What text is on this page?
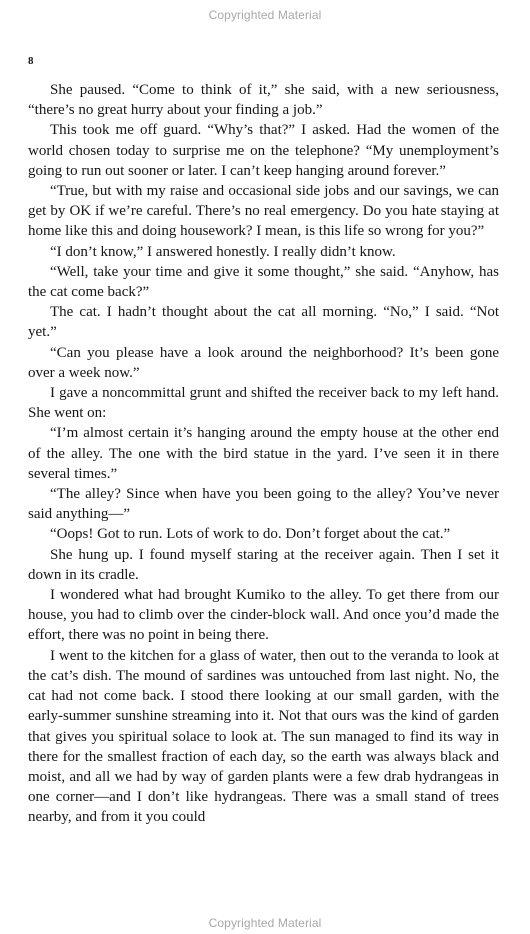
Copyrighted Material
8

She paused. “Come to think of it,” she said, with a new seriousness, “there’s no great hurry about your finding a job.”

This took me off guard. “Why’s that?” I asked. Had the women of the world chosen today to surprise me on the telephone? “My unemployment’s going to run out sooner or later. I can’t keep hanging around forever.”

“True, but with my raise and occasional side jobs and our savings, we can get by OK if we’re careful. There’s no real emergency. Do you hate staying at home like this and doing housework? I mean, is this life so wrong for you?”

“I don’t know,” I answered honestly. I really didn’t know.

“Well, take your time and give it some thought,” she said. “Anyhow, has the cat come back?”

The cat. I hadn’t thought about the cat all morning. “No,” I said. “Not yet.”

“Can you please have a look around the neighborhood? It’s been gone over a week now.”

I gave a noncommittal grunt and shifted the receiver back to my left hand. She went on:

“I’m almost certain it’s hanging around the empty house at the other end of the alley. The one with the bird statue in the yard. I’ve seen it in there several times.”

“The alley? Since when have you been going to the alley? You’ve never said anything—”

“Oops! Got to run. Lots of work to do. Don’t forget about the cat.”

She hung up. I found myself staring at the receiver again. Then I set it down in its cradle.

I wondered what had brought Kumiko to the alley. To get there from our house, you had to climb over the cinder-block wall. And once you’d made the effort, there was no point in being there.

I went to the kitchen for a glass of water, then out to the veranda to look at the cat’s dish. The mound of sardines was untouched from last night. No, the cat had not come back. I stood there looking at our small garden, with the early-summer sunshine streaming into it. Not that ours was the kind of garden that gives you spiritual solace to look at. The sun managed to find its way in there for the smallest fraction of each day, so the earth was always black and moist, and all we had by way of garden plants were a few drab hydrangeas in one corner—and I don’t like hydrangeas. There was a small stand of trees nearby, and from it you could

Copyrighted Material
